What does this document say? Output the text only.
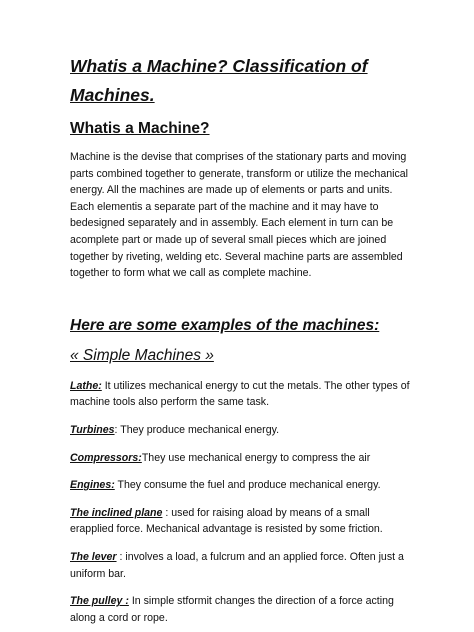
Whatis a Machine? Classification of
Machines.
Whatis a Machine?

Machine is the devise that comprises of the stationary parts and moving parts combined together to generate, transform or utilize the mechanical energy. All the machines are made up of elements or parts and units. Each elementis a separate part of the machine and it may have to bedesigned separately and in assembly. Each element in turn can be acomplete part or made up of several small pieces which are joined together by riveting, welding etc. Several machine parts are assembled together to form what we call as complete machine.

Here are some examples of the machines:
« Simple Machines »

Lathe: It utilizes mechanical energy to cut the metals. The other types of machine tools also perform the same task.

Turbines: They produce mechanical energy.

Compressors:They use mechanical energy to compress the air

Engines: They consume the fuel and produce mechanical energy.

The inclined plane : used for raising aload by means of a small erapplied force. Mechanical advantage is resisted by some friction.

The lever : involves a load, a fulcrum and an applied force. Often just a uniform bar.

The pulley : In simple stformit changes the direction of a force acting along a cord or rope.
